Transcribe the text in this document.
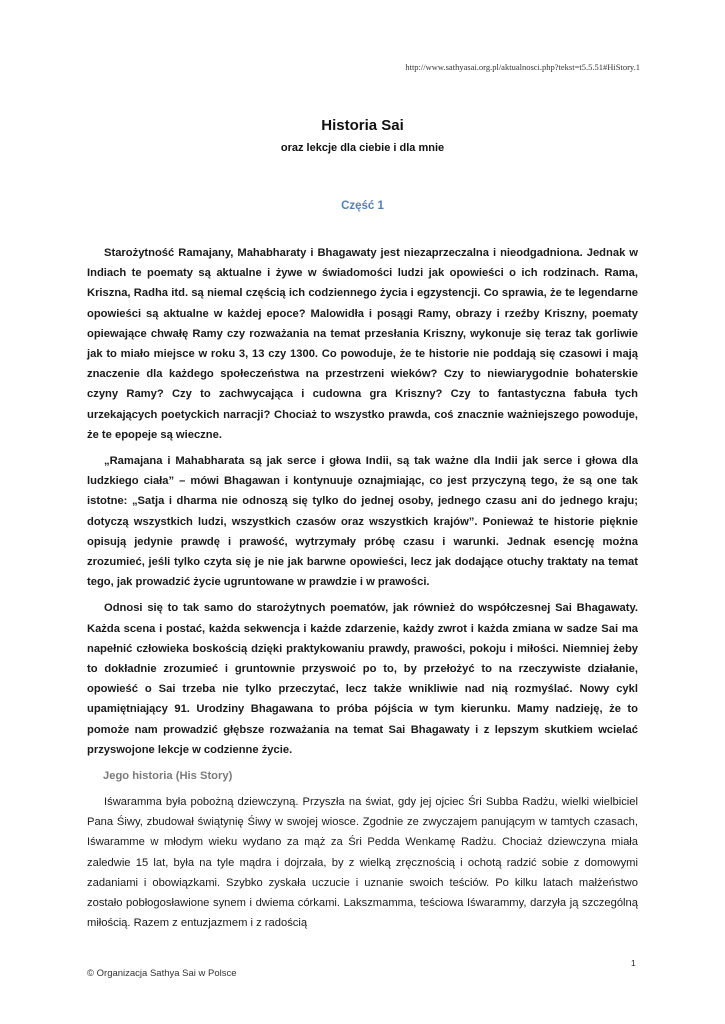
http://www.sathyasai.org.pl/aktualnosci.php?tekst=t5.5.51#HiStory.1
Historia Sai
oraz lekcje dla ciebie i dla mnie
Część 1

Starożytność Ramajany, Mahabharaty i Bhagawaty jest niezaprzeczalna i nieodgadniona. Jednak w Indiach te poematy są aktualne i żywe w świadomości ludzi jak opowieści o ich rodzinach. Rama, Kriszna, Radha itd. są niemal częścią ich codziennego życia i egzystencji. Co sprawia, że te legendarne opowieści są aktualne w każdej epoce? Malowidła i posągi Ramy, obrazy i rzeźby Kriszny, poematy opiewające chwałę Ramy czy rozważania na temat przesłania Kriszny, wykonuje się teraz tak gorliwie jak to miało miejsce w roku 3, 13 czy 1300. Co powoduje, że te historie nie poddają się czasowi i mają znaczenie dla każdego społeczeństwa na przestrzeni wieków? Czy to niewiarygodnie bohaterskie czyny Ramy? Czy to zachwycająca i cudowna gra Kriszny? Czy to fantastyczna fabuła tych urzekających poetyckich narracji? Chociaż to wszystko prawda, coś znacznie ważniejszego powoduje, że te epopeje są wieczne.

„Ramajana i Mahabharata są jak serce i głowa Indii, są tak ważne dla Indii jak serce i głowa dla ludzkiego ciała” – mówi Bhagawan i kontynuuje oznajmiając, co jest przyczyną tego, że są one tak istotne: „Satja i dharma nie odnoszą się tylko do jednej osoby, jednego czasu ani do jednego kraju; dotyczą wszystkich ludzi, wszystkich czasów oraz wszystkich krajów”. Ponieważ te historie pięknie opisują jedynie prawdę i prawość, wytrzymały próbę czasu i warunki. Jednak esencję można zrozumieć, jeśli tylko czyta się je nie jak barwne opowieści, lecz jak dodające otuchy traktaty na temat tego, jak prowadzić życie ugruntowane w prawdzie i w prawości.

Odnosi się to tak samo do starożytnych poematów, jak również do współczesnej Sai Bhagawaty. Każda scena i postać, każda sekwencja i każde zdarzenie, każdy zwrot i każda zmiana w sadze Sai ma napełnić człowieka boskością dzięki praktykowaniu prawdy, prawości, pokoju i miłości. Niemniej żeby to dokładnie zrozumieć i gruntownie przyswoić po to, by przełożyć to na rzeczywiste działanie, opowieść o Sai trzeba nie tylko przeczytać, lecz także wnikliwie nad nią rozmyślać. Nowy cykl upamiętniający 91. Urodziny Bhagawana to próba pójścia w tym kierunku. Mamy nadzieję, że to pomoże nam prowadzić głębsze rozważania na temat Sai Bhagawaty i z lepszym skutkiem wcielać przyswojone lekcje w codzienne życie.

Jego historia (His Story)

Iśwaramma była pobożną dziewczyną. Przyszła na świat, gdy jej ojciec Śri Subba Radżu, wielki wielbiciel Pana Śiwy, zbudował świątynię Śiwy w swojej wiosce. Zgodnie ze zwyczajem panującym w tamtych czasach, Iśwaramme w młodym wieku wydano za mąż za Śri Pedda Wenkamę Radżu. Chociaż dziewczyna miała zaledwie 15 lat, była na tyle mądra i dojrzała, by z wielką zręcznością i ochotą radzić sobie z domowymi zadaniami i obowiązkami. Szybko zyskała uczucie i uznanie swoich teściów. Po kilku latach małżeństwo zostało pobłogosławione synem i dwiema córkami. Lakszmamma, teściowa Iśwarammy, darzyła ją szczególną miłością. Razem z entuzjazmem i z radością

1
© Organizacja Sathya Sai w Polsce
